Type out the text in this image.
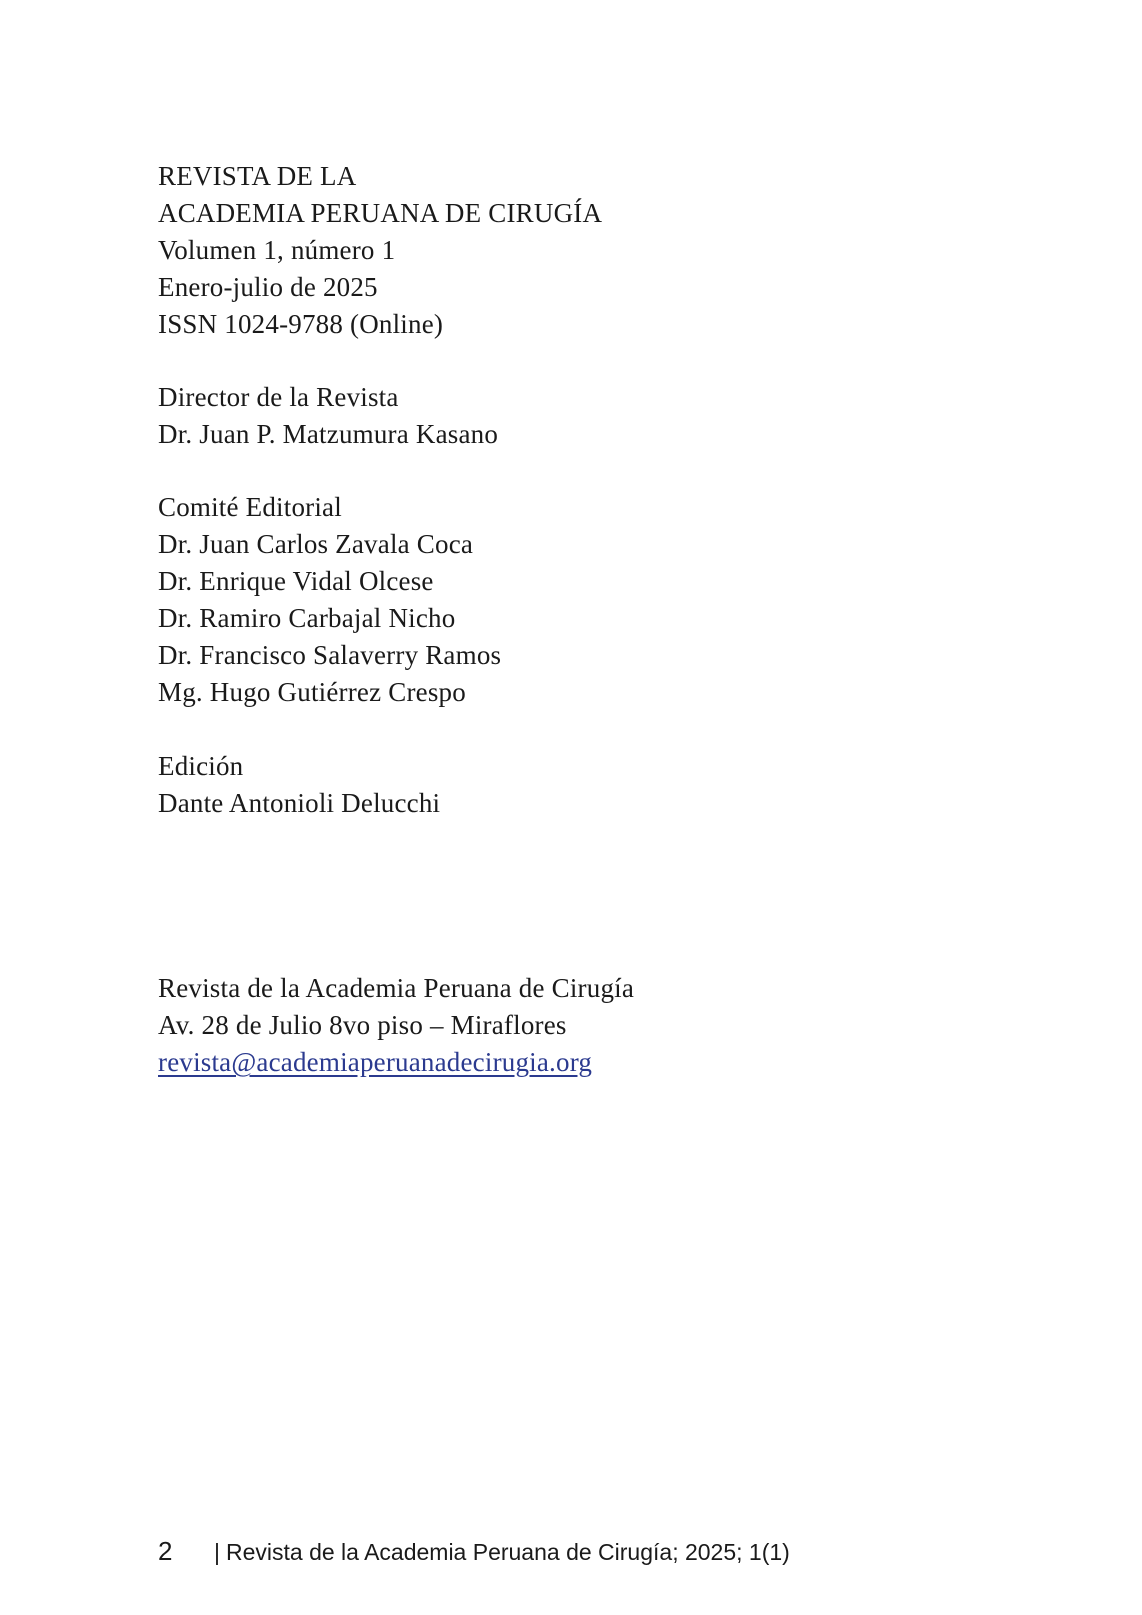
REVISTA DE LA
ACADEMIA PERUANA DE CIRUGÍA
Volumen 1, número 1
Enero-julio de 2025
ISSN 1024-9788 (Online)
Director de la Revista
Dr. Juan P. Matzumura Kasano
Comité Editorial
Dr. Juan Carlos Zavala Coca
Dr. Enrique Vidal Olcese
Dr. Ramiro Carbajal Nicho
Dr. Francisco Salaverry Ramos
Mg. Hugo Gutiérrez Crespo
Edición
Dante Antonioli Delucchi
Revista de la Academia Peruana de Cirugía
Av. 28 de Julio 8vo piso – Miraflores
revista@academiaperuanadecirugia.org
2 | Revista de la Academia Peruana de Cirugía; 2025; 1(1)
